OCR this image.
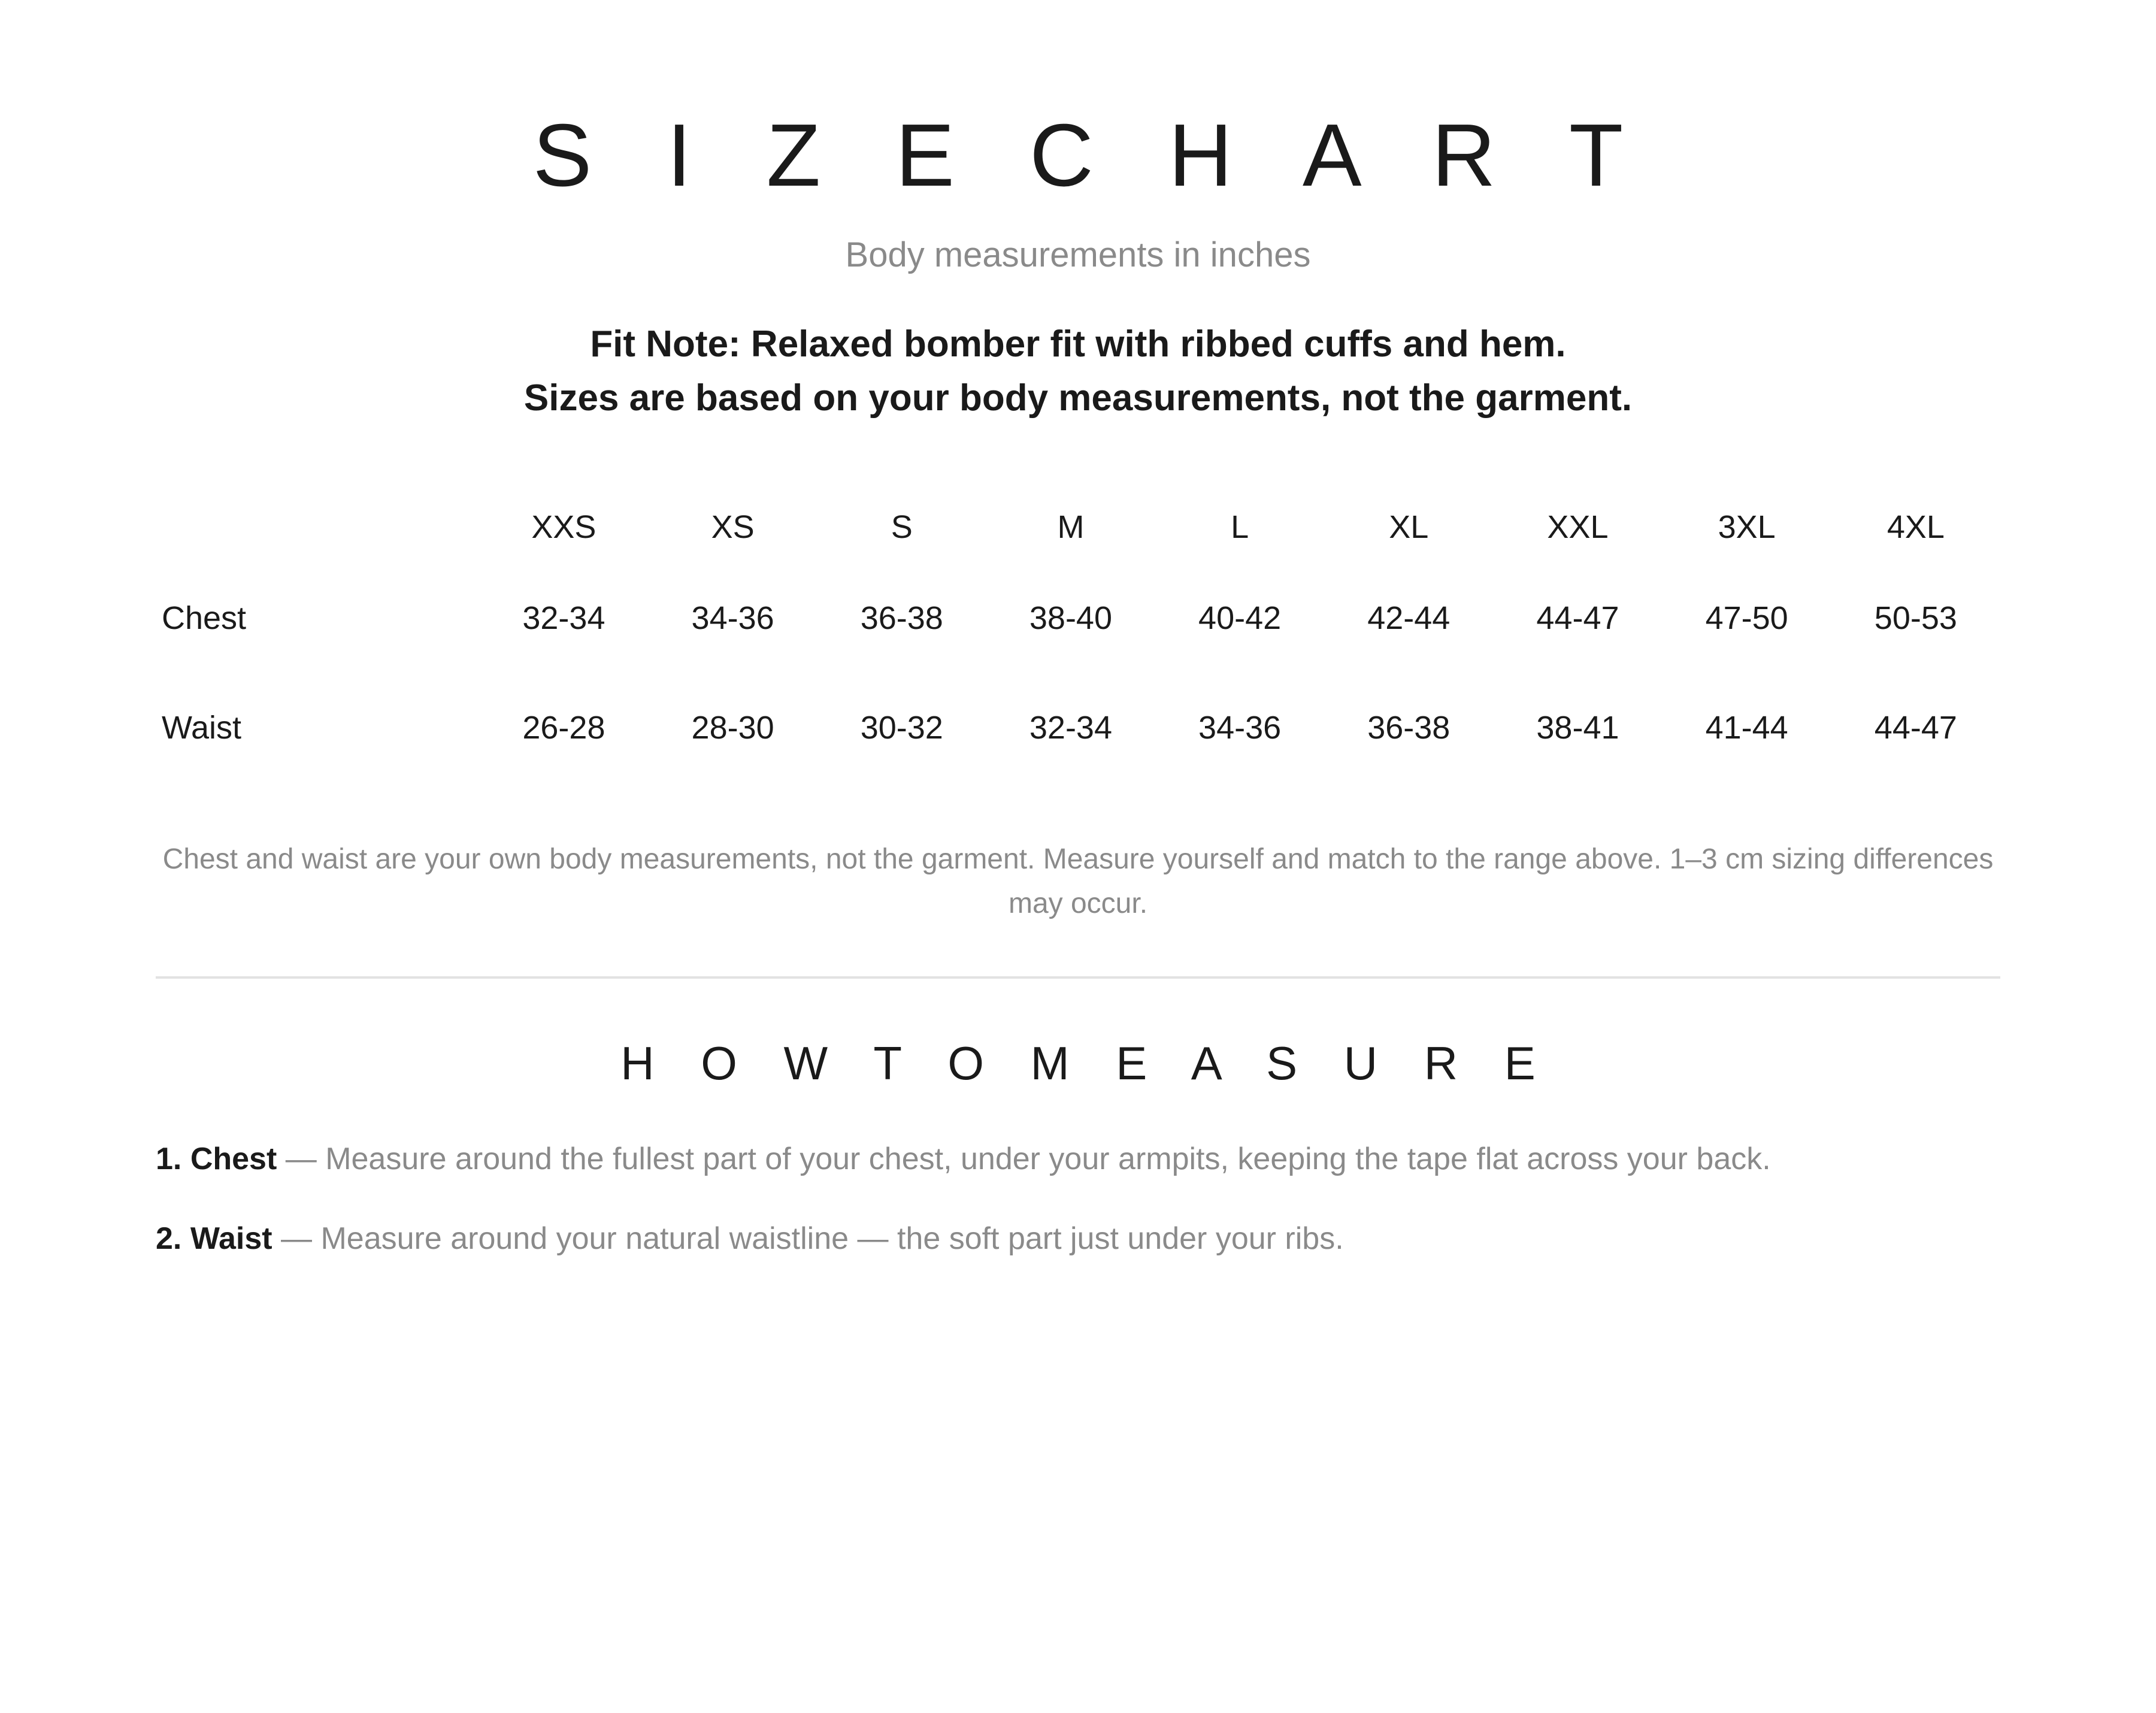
S I Z E C H A R T
Body measurements in inches
Fit Note: Relaxed bomber fit with ribbed cuffs and hem.
Sizes are based on your body measurements, not the garment.
	XXS	XS	S	M	L	XL	XXL	3XL	4XL
Chest	32-34	34-36	36-38	38-40	40-42	42-44	44-47	47-50	50-53
Waist	26-28	28-30	30-32	32-34	34-36	36-38	38-41	41-44	44-47
Chest and waist are your own body measurements, not the garment. Measure yourself and match to the range above. 1–3 cm sizing differences may occur.
H O W T O M E A S U R E
1. Chest — Measure around the fullest part of your chest, under your armpits, keeping the tape flat across your back.
2. Waist — Measure around your natural waistline — the soft part just under your ribs.
